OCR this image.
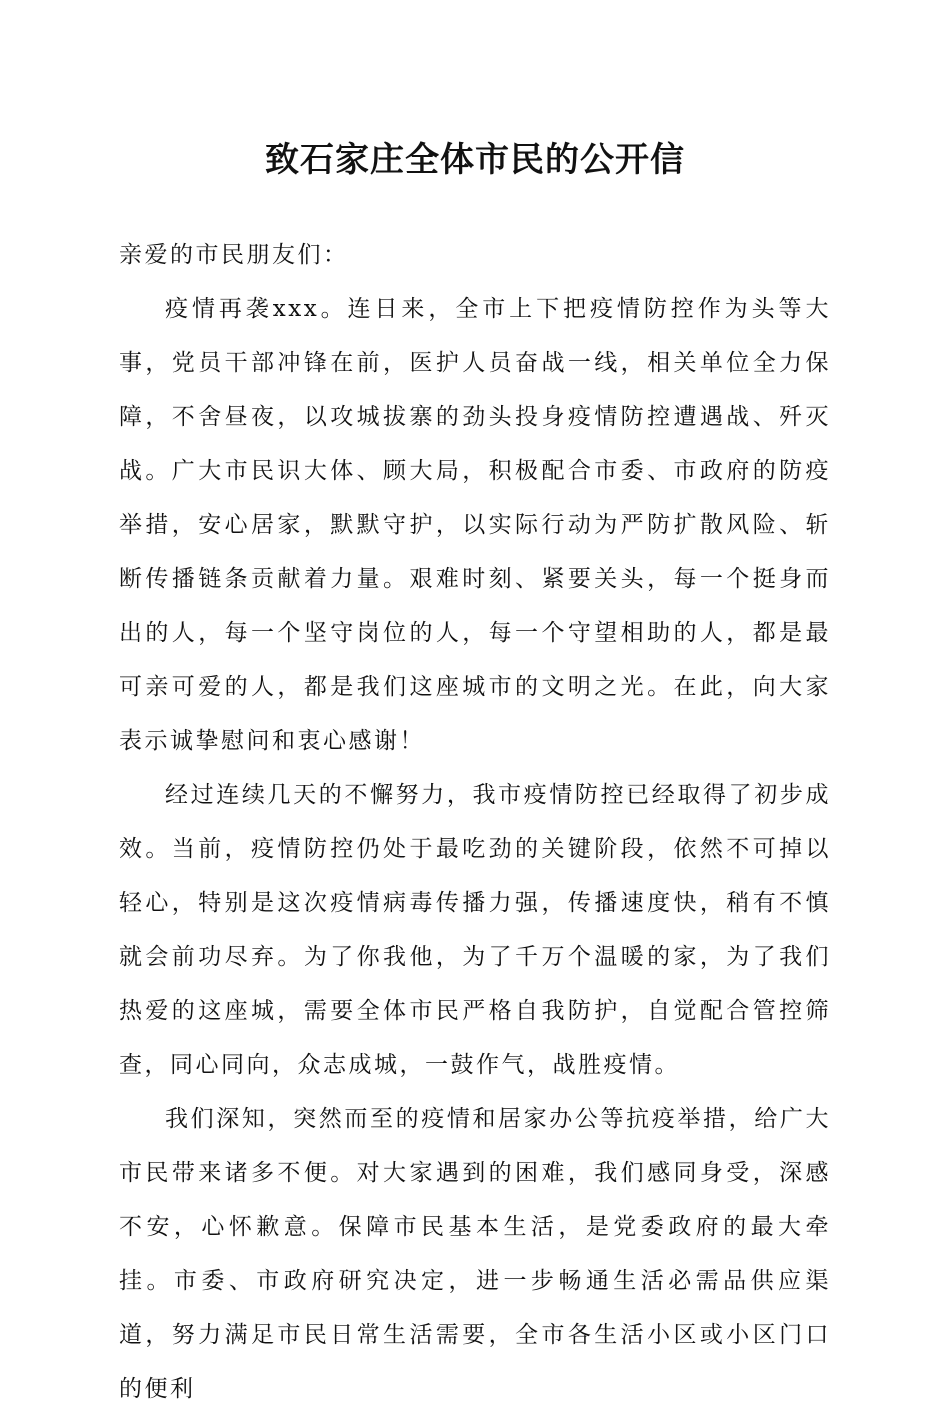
致石家庄全体市民的公开信

亲爱的市民朋友们：

疫情再袭xxx。连日来，全市上下把疫情防控作为头等大事，党员干部冲锋在前，医护人员奋战一线，相关单位全力保障，不舍昼夜，以攻城拔寨的劲头投身疫情防控遭遇战、歼灭战。广大市民识大体、顾大局，积极配合市委、市政府的防疫举措，安心居家，默默守护，以实际行动为严防扩散风险、斩断传播链条贡献着力量。艰难时刻、紧要关头，每一个挺身而出的人，每一个坚守岗位的人，每一个守望相助的人，都是最可亲可爱的人，都是我们这座城市的文明之光。在此，向大家表示诚挚慰问和衷心感谢！

经过连续几天的不懈努力，我市疫情防控已经取得了初步成效。当前，疫情防控仍处于最吃劲的关键阶段，依然不可掉以轻心，特别是这次疫情病毒传播力强，传播速度快，稍有不慎就会前功尽弃。为了你我他，为了千万个温暖的家，为了我们热爱的这座城，需要全体市民严格自我防护，自觉配合管控筛查，同心同向，众志成城，一鼓作气，战胜疫情。

我们深知，突然而至的疫情和居家办公等抗疫举措，给广大市民带来诸多不便。对大家遇到的困难，我们感同身受，深感不安，心怀歉意。保障市民基本生活，是党委政府的最大牵挂。市委、市政府研究决定，进一步畅通生活必需品供应渠道，努力满足市民日常生活需要，全市各生活小区或小区门口的便利
